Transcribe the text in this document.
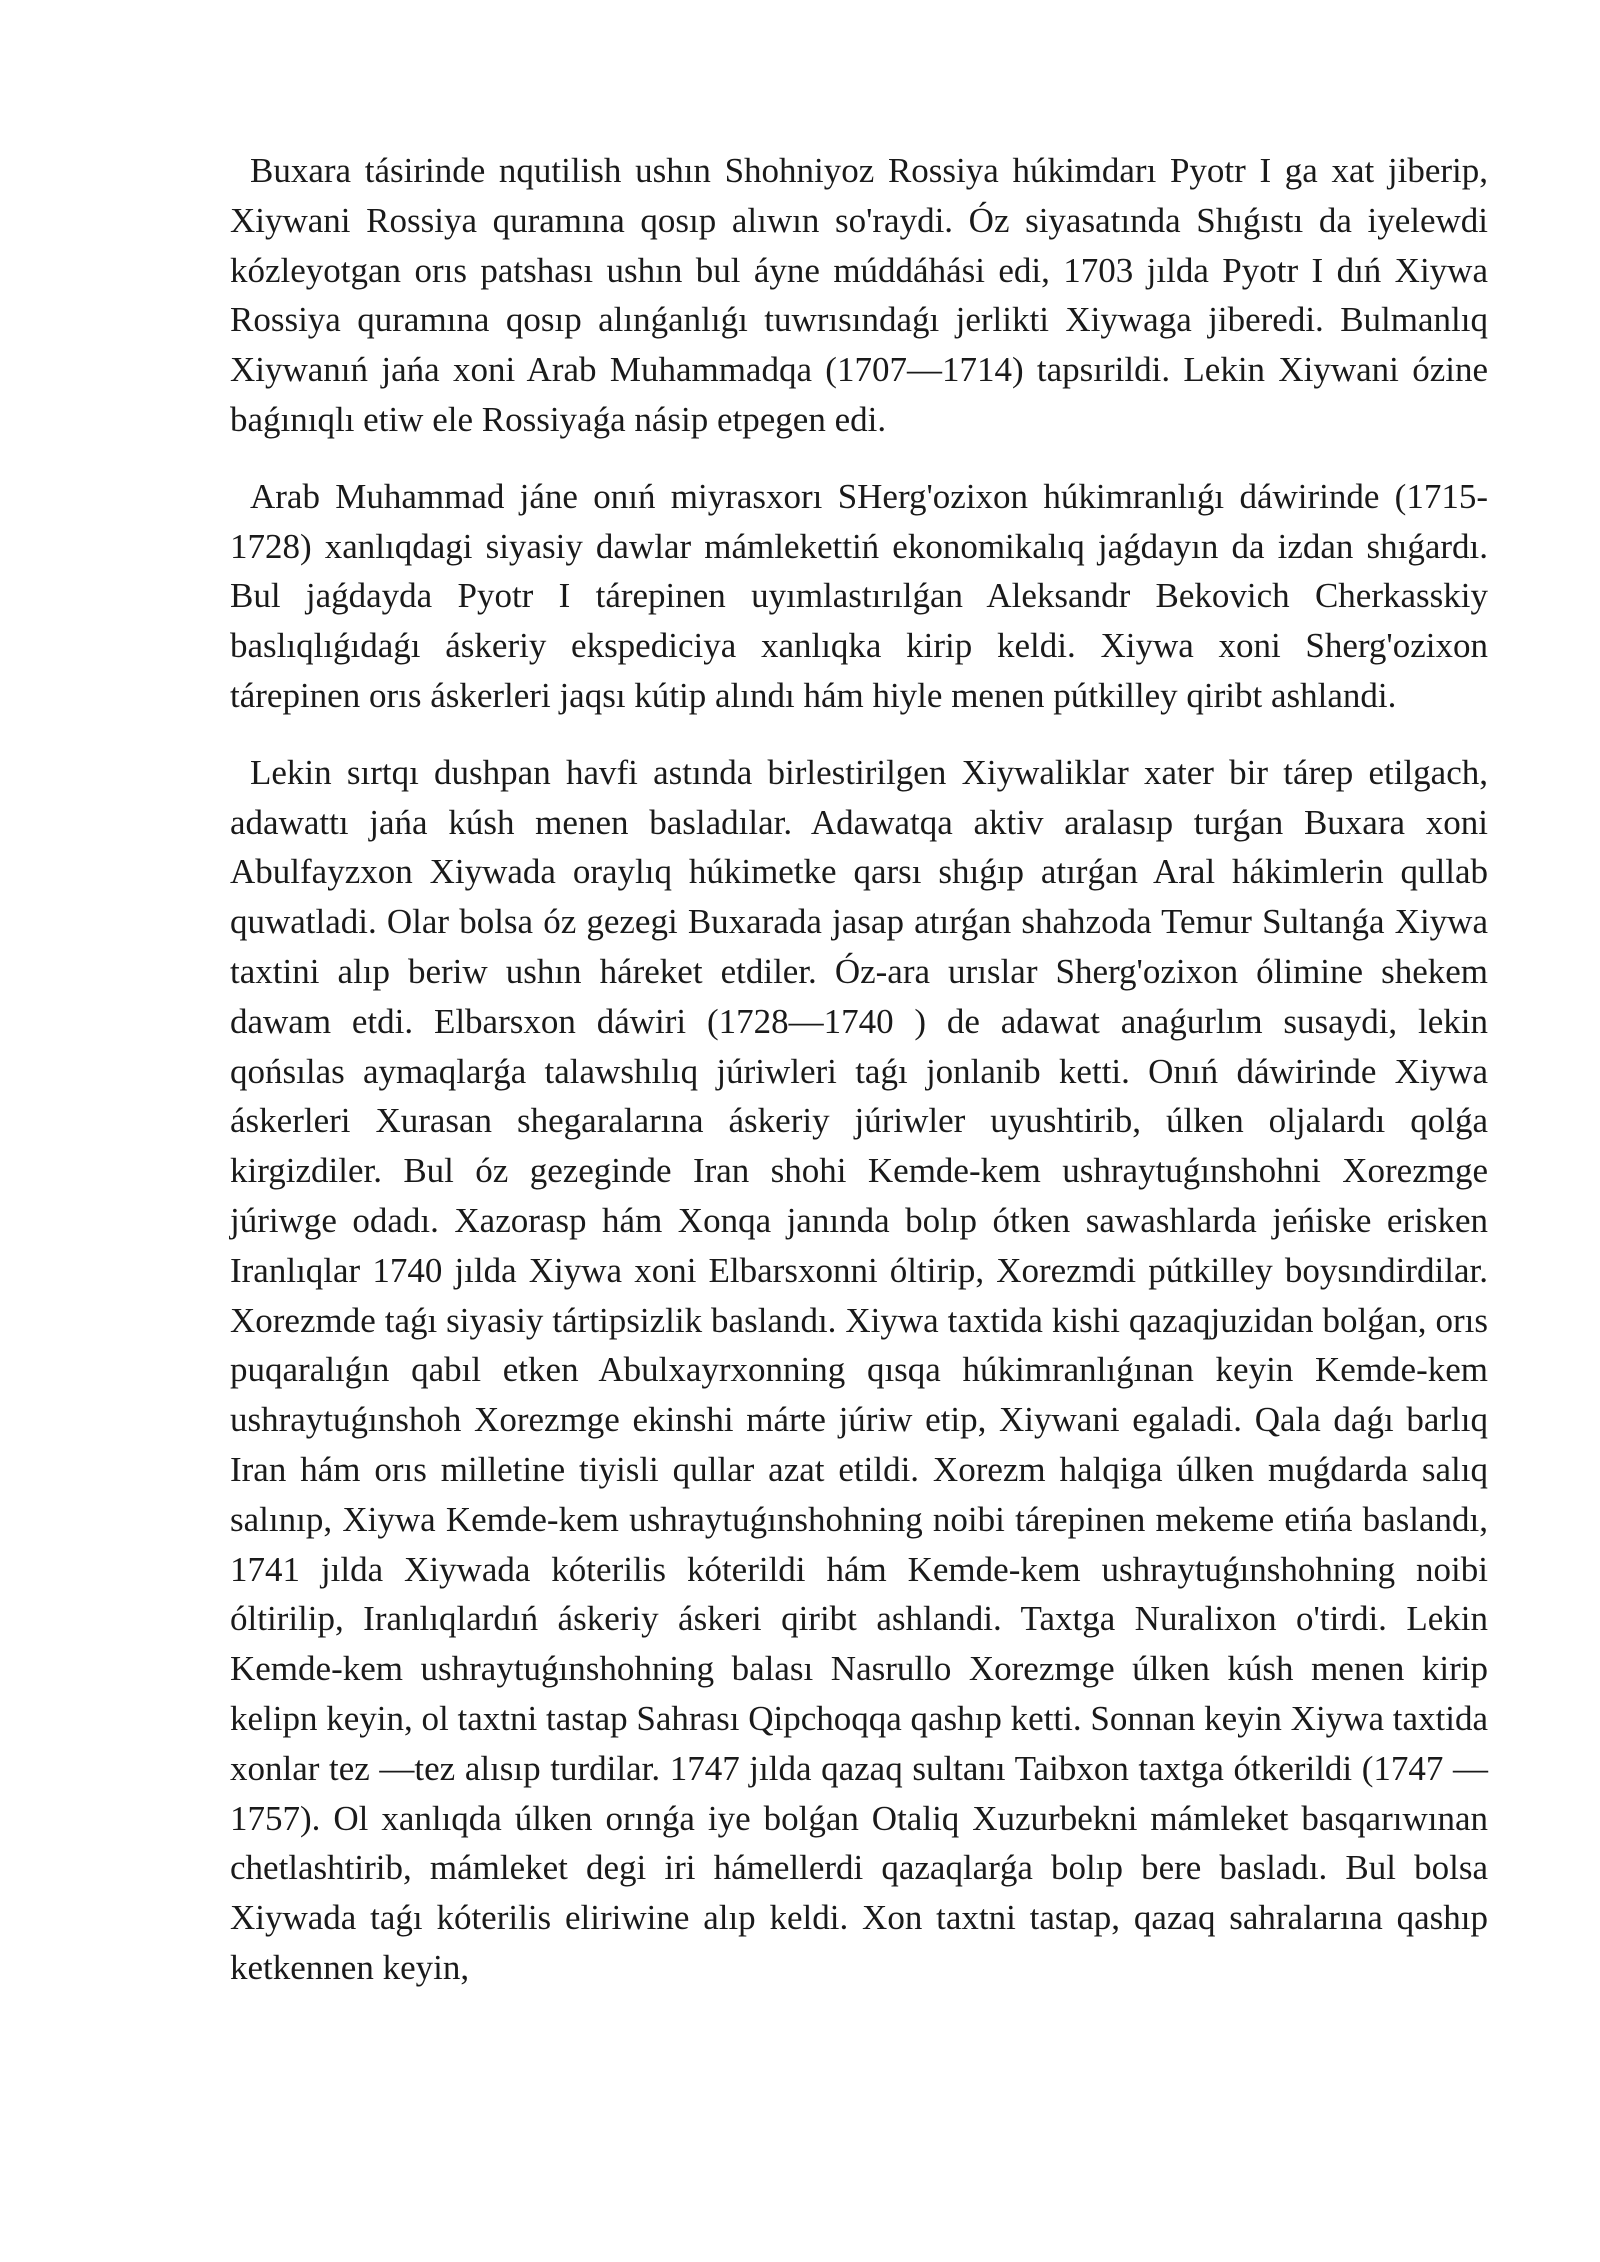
Buxara tásirinde nqutilish ushın Shohniyoz Rossiya húkimdarı Pyotr I ga xat jiberip, Xiywani Rossiya quramına qosıp alıwın so'raydi. Óz siyasatında Shıǵıstı da iyelewdi kózleyotgan orıs patshası ushın bul áyne múddáhási edi, 1703 jılda Pyotr I dıń Xiywa Rossiya quramına qosıp alınǵanlıǵı tuwrısındaǵı jerlikti Xiywaga jiberedi. Bulmanlıq Xiywanıń jańa xoni Arab Muhammadqa (1707—1714) tapsırildi. Lekin Xiywani ózine baǵınıqlı etiw ele Rossiyaǵa násip etpegen edi.

Arab Muhammad jáne onıń miyrasxorı SHerg'ozixon húkimranlıǵı dáwirinde (1715-1728) xanlıqdagi siyasiy dawlar mámlekettiń ekonomikalıq jaǵdayın da izdan shıǵardı. Bul jaǵdayda Pyotr I tárepinen uyımlastırılǵan Aleksandr Bekovich Cherkasskiy baslıqlıǵıdaǵı áskeriy ekspediciya xanlıqka kirip keldi. Xiywa xoni Sherg'ozixon tárepinen orıs áskerleri jaqsı kútip alındı hám hiyle menen pútkilley qiribt ashlandi.

Lekin sırtqı dushpan havfi astında birlestirilgen Xiywaliklar xater bir tárep etilgach, adawattı jańa kúsh menen basladılar. Adawatqa aktiv aralasıp turǵan Buxara xoni Abulfayzxon Xiywada oraylıq húkimetke qarsı shıǵıp atırǵan Aral hákimlerin qullab quwatladi. Olar bolsa óz gezegi Buxarada jasap atırǵan shahzoda Temur Sultanǵa Xiywa taxtini alıp beriw ushın háreket etdiler. Óz-ara urıslar Sherg'ozixon ólimine shekem dawam etdi. Elbarsxon dáwiri (1728—1740 ) de adawat anaǵurlım susaydi, lekin qońsılas aymaqlarǵa talawshılıq júriwleri taǵı jonlanib ketti. Onıń dáwirinde Xiywa áskerleri Xurasan shegaralarına áskeriy júriwler uyushtirib, úlken oljalardı qolǵa kirgizdiler. Bul óz gezeginde Iran shohi Kemde-kem ushraytuǵınshohni Xorezmge júriwge odadı. Xazorasp hám Xonqa janında bolıp ótken sawashlarda jeńiske erisken Iranlıqlar 1740 jılda Xiywa xoni Elbarsxonni óltirip, Xorezmdi pútkilley boysındirdilar. Xorezmde taǵı siyasiy tártipsizlik baslandı. Xiywa taxtida kishi qazaqjuzidan bolǵan, orıs puqaralıǵın qabıl etken Abulxayrxonning qısqa húkimranlıǵınan keyin Kemde-kem ushraytuǵınshoh Xorezmge ekinshi márte júriw etip, Xiywani egaladi. Qala daǵı barlıq Iran hám orıs milletine tiyisli qullar azat etildi. Xorezm halqiga úlken muǵdarda salıq salınıp, Xiywa Kemde-kem ushraytuǵınshohning noibi tárepinen mekeme etińa baslandı, 1741 jılda Xiywada kóterilis kóterildi hám Kemde-kem ushraytuǵınshohning noibi óltirilip, Iranlıqlardıń áskeriy áskeri qiribt ashlandi. Taxtga Nuralixon o'tirdi. Lekin Kemde-kem ushraytuǵınshohning balası Nasrullo Xorezmge úlken kúsh menen kirip kelipn keyin, ol taxtni tastap Sahrası Qipchoqqa qashıp ketti. Sonnan keyin Xiywa taxtida xonlar tez —tez alısıp turdilar. 1747 jılda qazaq sultanı Taibxon taxtga ótkerildi (1747 — 1757). Ol xanlıqda úlken orınǵa iye bolǵan Otaliq Xuzurbekni mámleket basqarıwınan chetlashtirib, mámleket degi iri hámellerdi qazaqlarǵa bolıp bere basladı. Bul bolsa Xiywada taǵı kóterilis eliriwine alıp keldi. Xon taxtni tastap, qazaq sahralarına qashıp ketkennen keyin,
